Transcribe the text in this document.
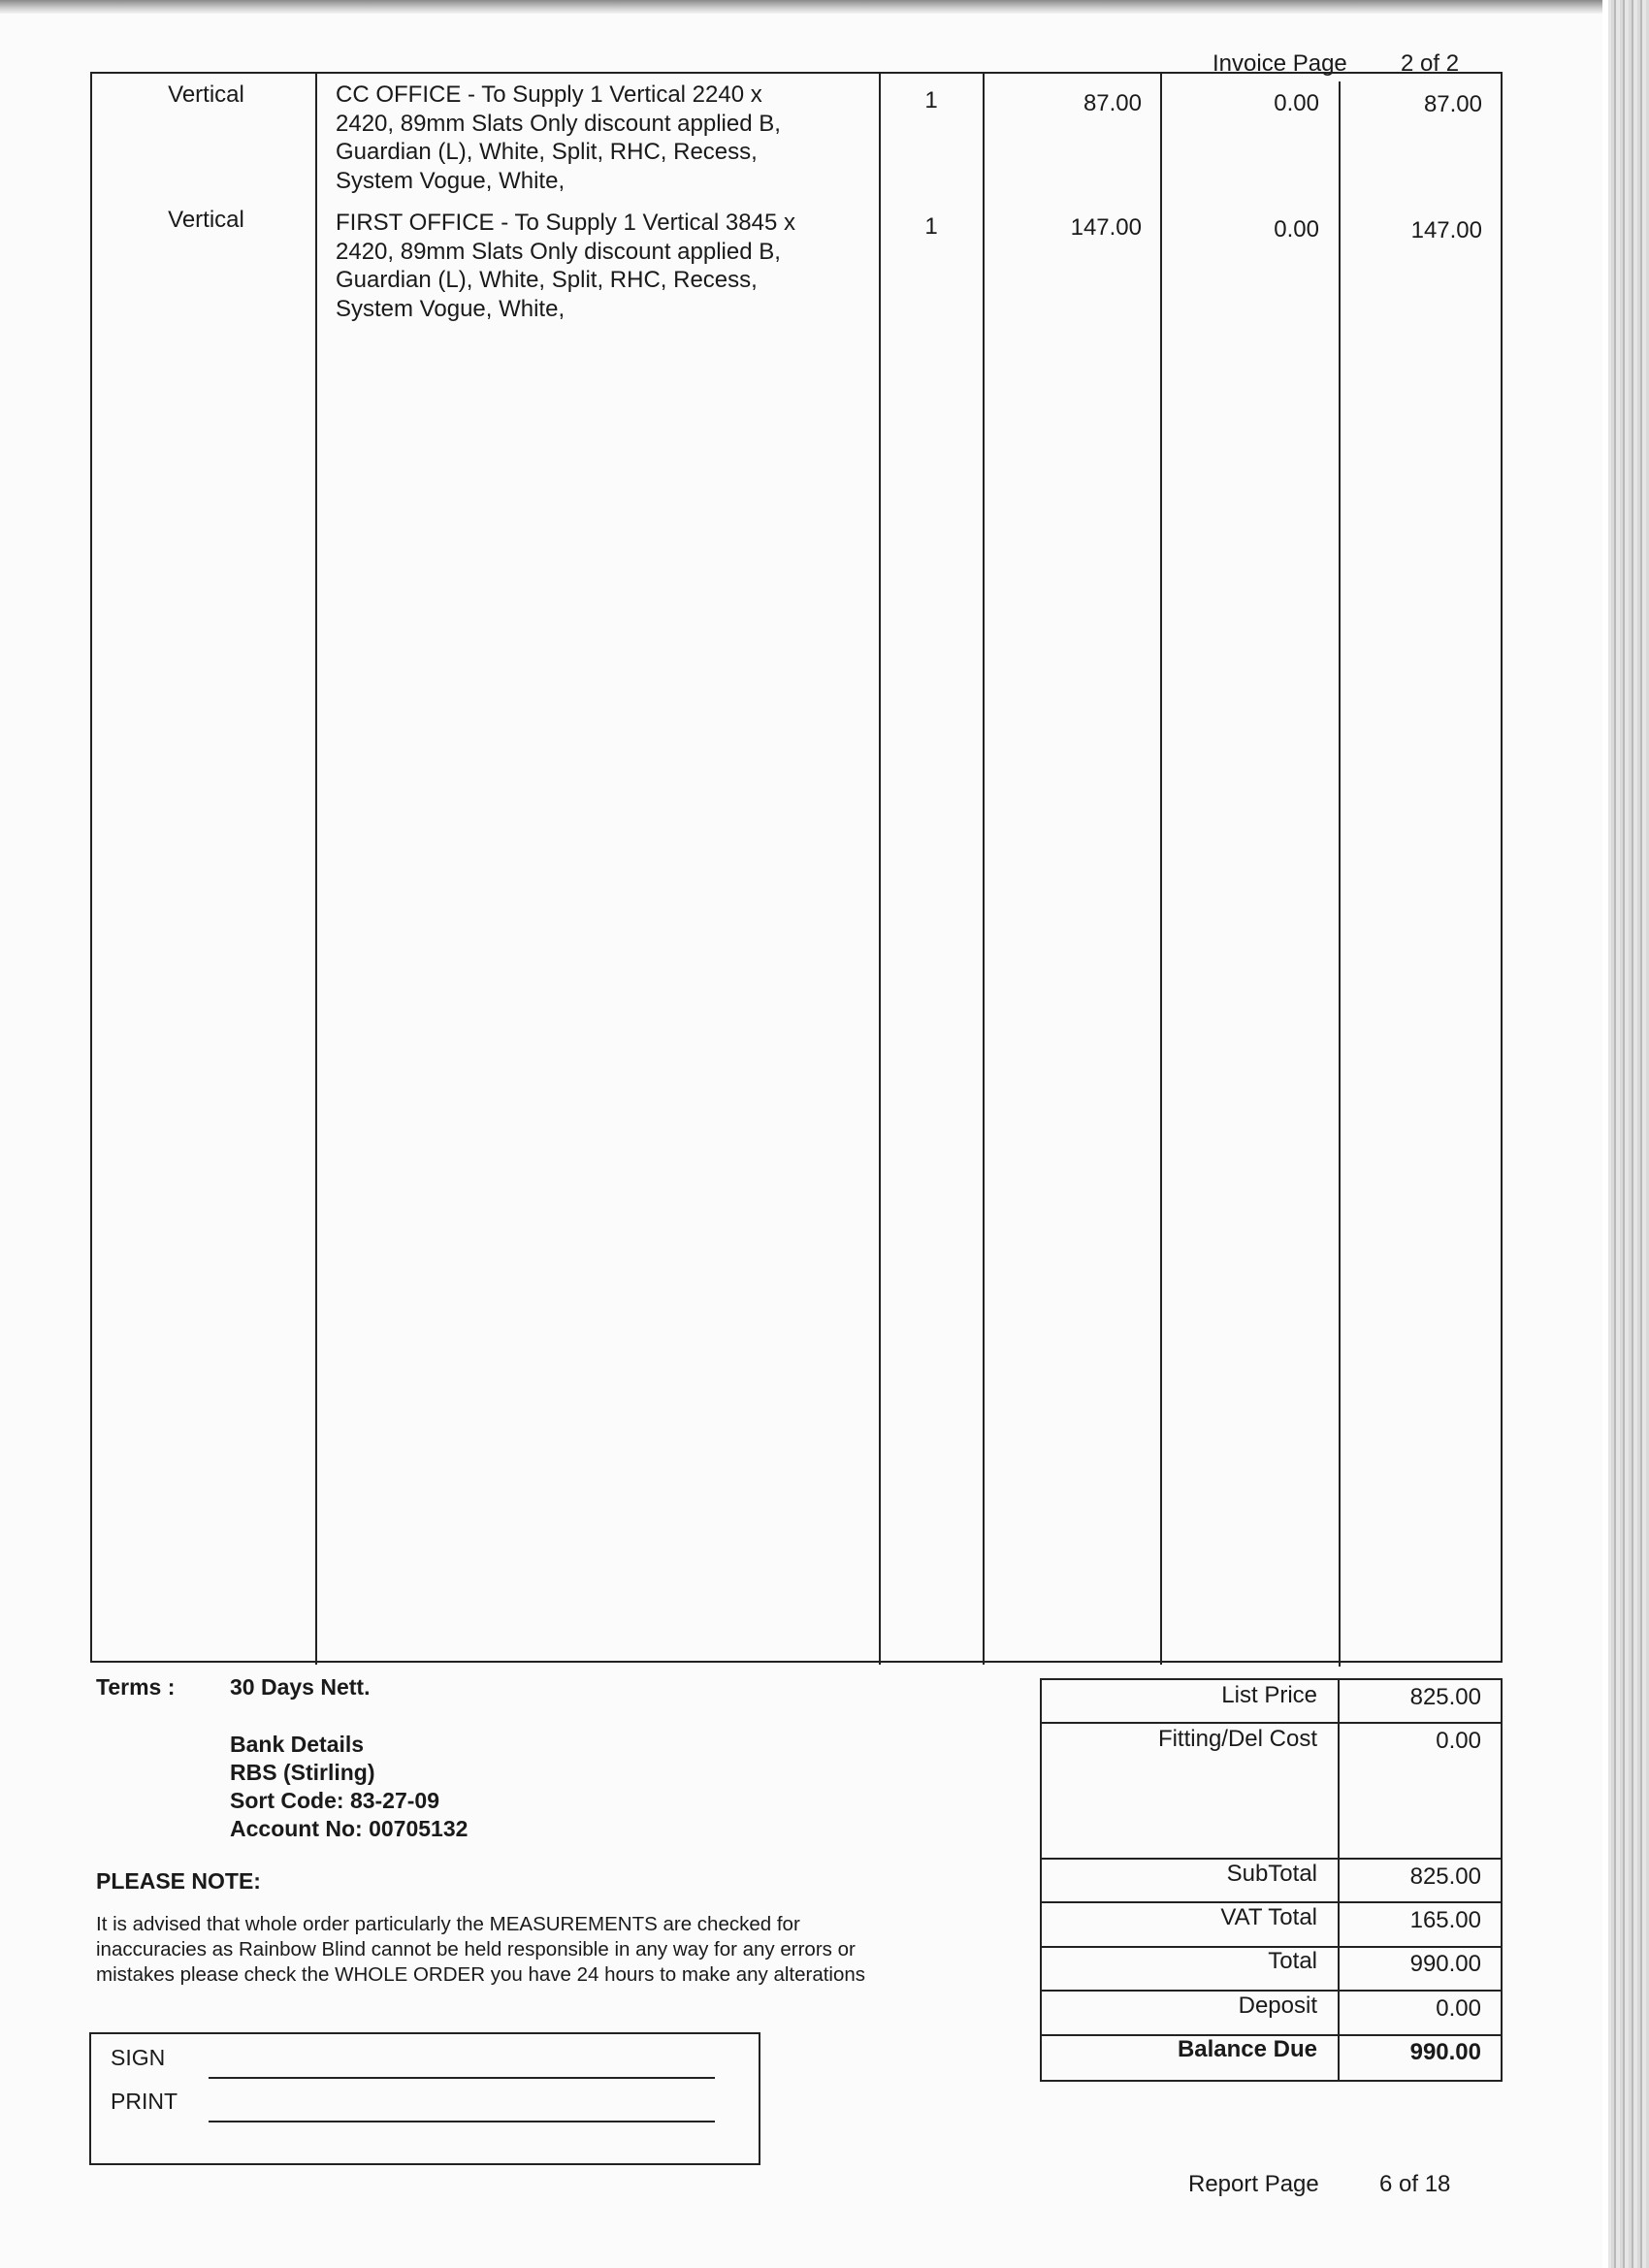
Invoice Page 2 of 2
Vertical	CC OFFICE - To Supply 1 Vertical 2240 x
2420, 89mm Slats Only discount applied B,
Guardian (L), White, Split, RHC, Recess,
System Vogue, White,
1	87.00	0.00	87.00
Vertical	FIRST OFFICE - To Supply 1 Vertical 3845 x
2420, 89mm Slats Only discount applied B,
Guardian (L), White, Split, RHC, Recess,
System Vogue, White,
1	147.00	0.00	147.00
Terms : 30 Days Nett.
Bank Details
RBS (Stirling)
Sort Code: 83-27-09
Account No: 00705132
PLEASE NOTE:
It is advised that whole order particularly the MEASUREMENTS are checked for
inaccuracies as Rainbow Blind cannot be held responsible in any way for any errors or
mistakes please check the WHOLE ORDER you have 24 hours to make any alterations
SIGN
PRINT
List Price	825.00
Fitting/Del Cost	0.00
SubTotal	825.00
VAT Total	165.00
Total	990.00
Deposit	0.00
Balance Due	990.00
Report Page	6 of 18
